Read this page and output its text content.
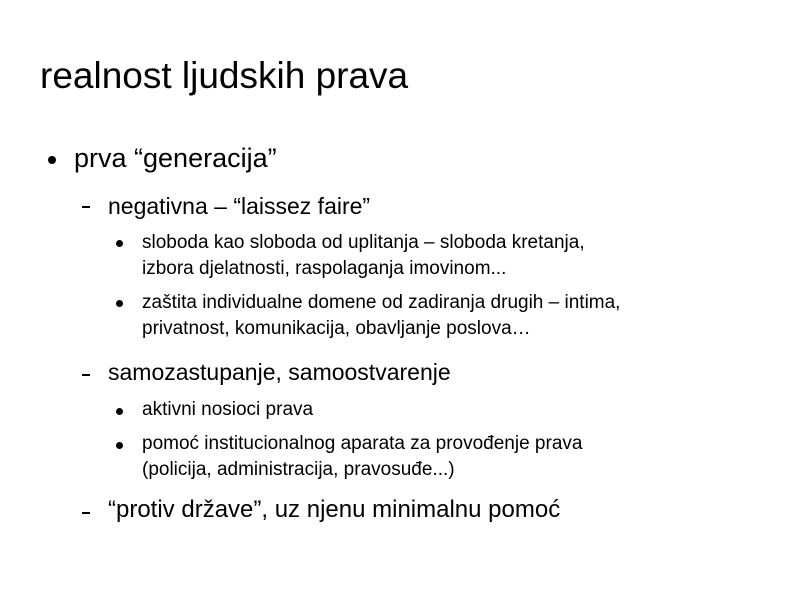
realnost ljudskih prava
prva “generacija”
negativna – “laissez faire”
sloboda kao sloboda od uplitanja – sloboda kretanja,
izbora djelatnosti, raspolaganja imovinom...
zaštita individualne domene od zadiranja drugih – intima,
privatnost, komunikacija, obavljanje poslova…
samozastupanje, samoostvarenje
aktivni nosioci prava
pomoć institucionalnog aparata za provođenje prava
(policija, administracija, pravosuđe...)
“protiv države”, uz njenu minimalnu pomoć
